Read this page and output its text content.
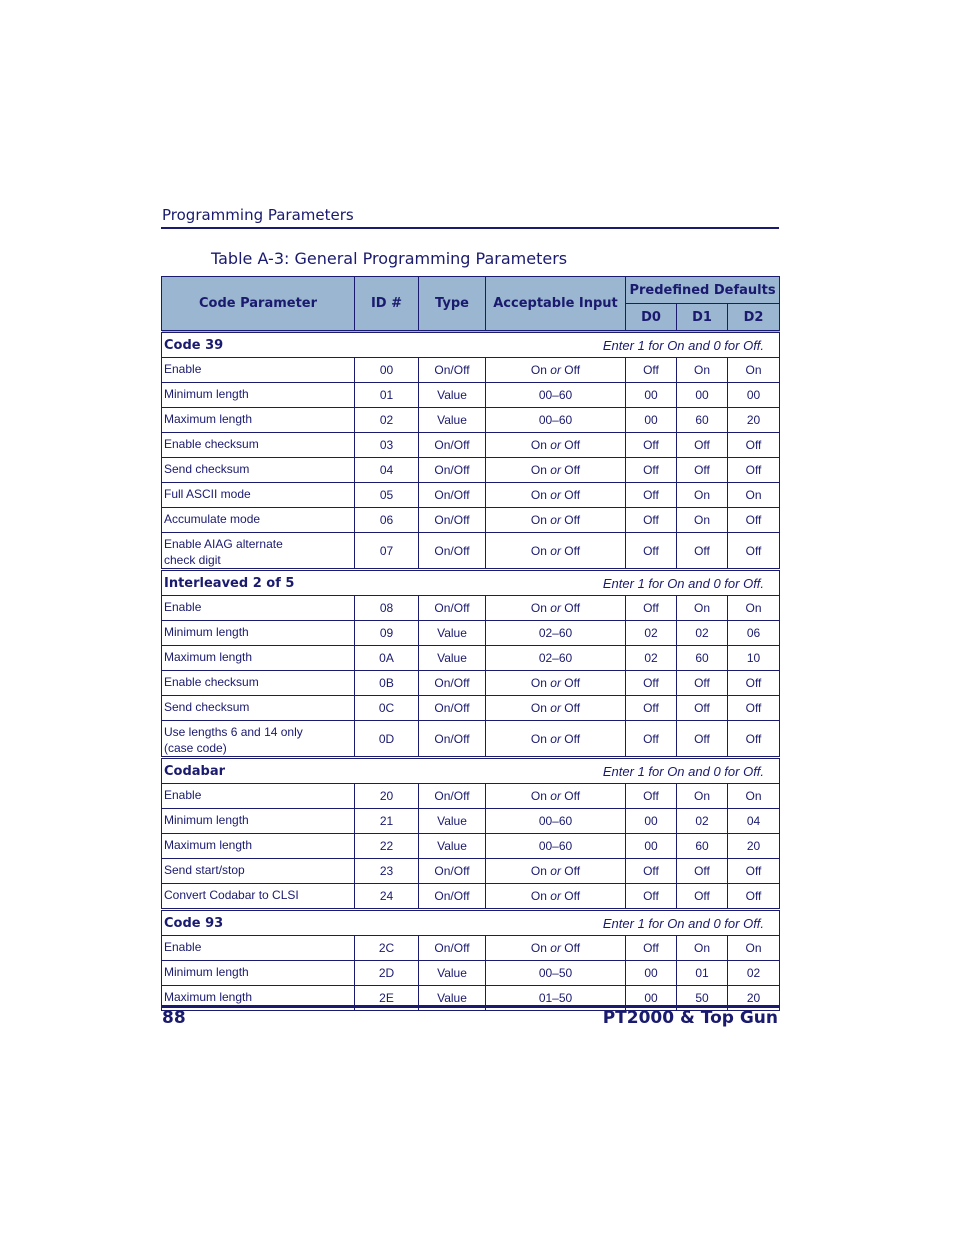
Programming Parameters
Table A-3: General Programming Parameters
Code Parameter	ID #	Type	Acceptable Input	Predefined Defaults		
				D0	D1	D2

Code 39 Enter 1 for On and 0 for Off.						

Enable	00	On/Off	On or Off	Off	On	On

Minimum length	01	Value	00–60	00	00	00

Maximum length	02	Value	00–60	00	60	20

Enable checksum	03	On/Off	On or Off	Off	Off	Off

Send checksum	04	On/Off	On or Off	Off	Off	Off

Full ASCII mode	05	On/Off	On or Off	Off	On	On

Accumulate mode	06	On/Off	On or Off	Off	On	Off

Enable AIAG alternate
check digit	07	On/Off	On or Off	Off	Off	Off

Interleaved 2 of 5 Enter 1 for On and 0 for Off.						

Enable	08	On/Off	On or Off	Off	On	On

Minimum length	09	Value	02–60	02	02	06

Maximum length	0A	Value	02–60	02	60	10

Enable checksum	0B	On/Off	On or Off	Off	Off	Off

Send checksum	0C	On/Off	On or Off	Off	Off	Off

Use lengths 6 and 14 only
(case code)	0D	On/Off	On or Off	Off	Off	Off

Codabar Enter 1 for On and 0 for Off.						

Enable	20	On/Off	On or Off	Off	On	On

Minimum length	21	Value	00–60	00	02	04

Maximum length	22	Value	00–60	00	60	20

Send start/stop	23	On/Off	On or Off	Off	Off	Off

Convert Codabar to CLSI	24	On/Off	On or Off	Off	Off	Off

Code 93 Enter 1 for On and 0 for Off.						

Enable	2C	On/Off	On or Off	Off	On	On

Minimum length	2D	Value	00–50	00	01	02

Maximum length	2E	Value	01–50	00	50	20
88	PT2000 & Top Gun
